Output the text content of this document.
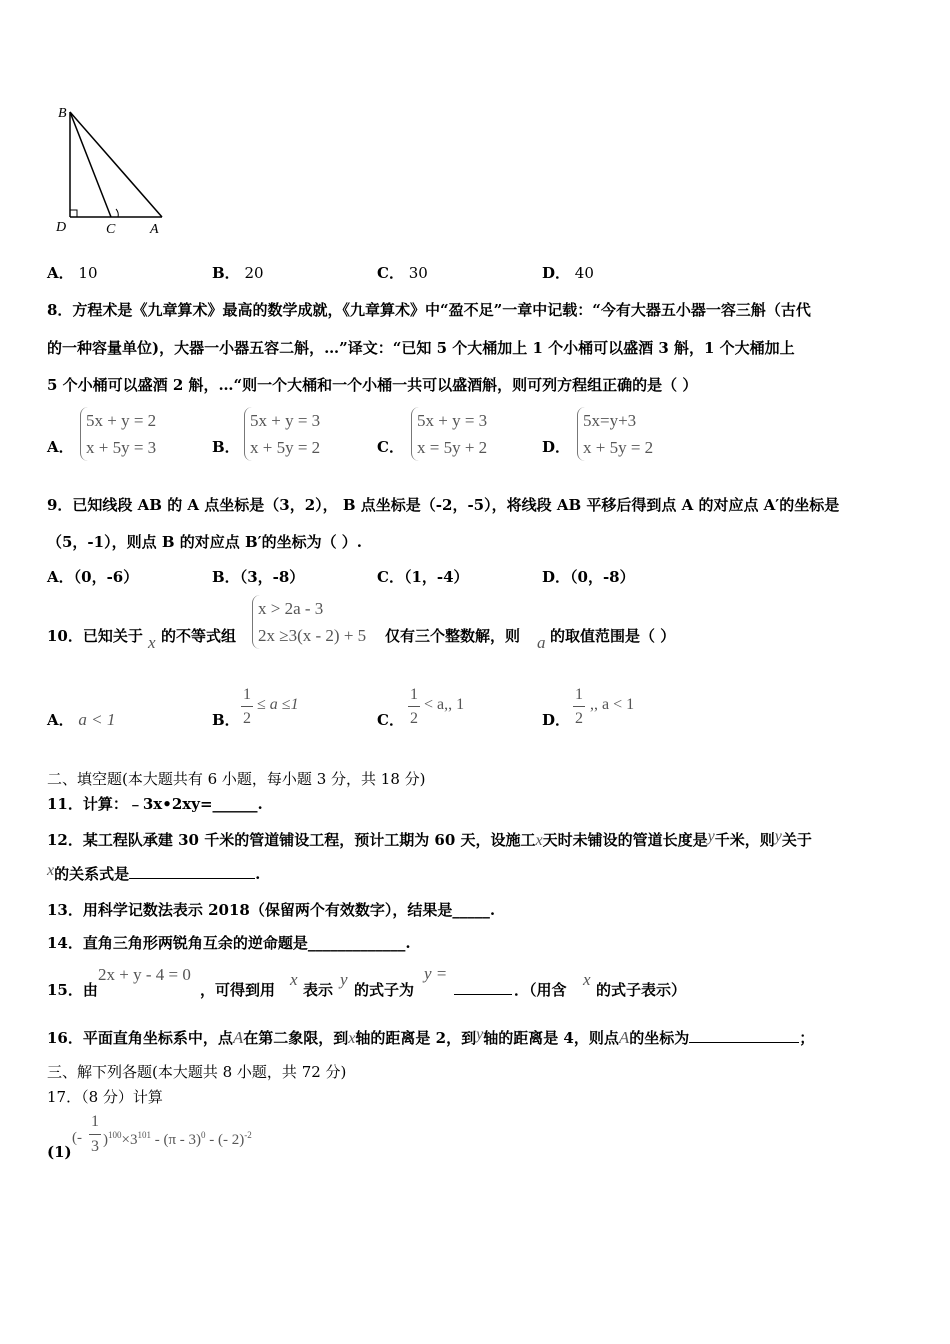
B
D	C A
A． 10	B． 20	C． 30	D． 40
8．方程术是《九章算术》最高的数学成就，《九章算术》中“盈不足”一章中记载：“今有大器五小器一容三斛（古代
的一种容量单位)，大器一小器五容二斛，…”译文：“已知 5 个大桶加上 1 个小桶可以盛酒 3 斛，1 个大桶加上
5 个小桶可以盛酒 2 斛，…“则一个大桶和一个小桶一共可以盛酒斛，则可列方程组正确的是（ ）
A．
5x + y = 2
x + 5y = 3	B．
5x + y = 3
x + 5y = 2	C．
5x + y = 3
x = 5y + 2	D．
5x=y+3
x + 5y = 2
9．已知线段 AB 的 A 点坐标是（3，2）， B 点坐标是（-2，-5），将线段 AB 平移后得到点 A 的对应点 A′的坐标是
（5，-1），则点 B 的对应点 B′的坐标为（ ）.
A．（0，-6）	B．（3，-8）	C．（1，-4）	D．（0，-8）
10．已知关于 x 的不等式组
x > 2a - 3
2x ≥3(x - 2) + 5 仅有三个整数解，则 a 的取值范围是（ ）
A． a < 1	B．
1
2
≤ a ≤1
C．
1
2
< a,, 1
D．
1
2
,, a < 1
二、填空题(本大题共有 6 小题，每小题 3 分，共 18 分)
11．计算：﹣3x•2xy=______.
12．某工程队承建 30 千米的管道铺设工程，预计工期为 60 天，设施工x天时未铺设的管道长度是y千米，则y关于
x的关系式是	.
13．用科学记数法表示 2018（保留两个有效数字），结果是_____.
14．直角三角形两锐角互余的逆命题是_____________.
15．由
2x + y - 4 = 0
，可得到用
x
表示
y
的式子为
y =
．（用含
x
的式子表示）
16．平面直角坐标系中，点A在第二象限，到x轴的距离是 2，到y轴的距离是 4，则点A的坐标为	；
三、解下列各题(本大题共 8 小题，共 72 分)
17．（8 分）计算
(1)
(-
1
3 )$^{100}\times 3^{101} - (\pi - 3)^0$ - (- 2)$^{-2}$
